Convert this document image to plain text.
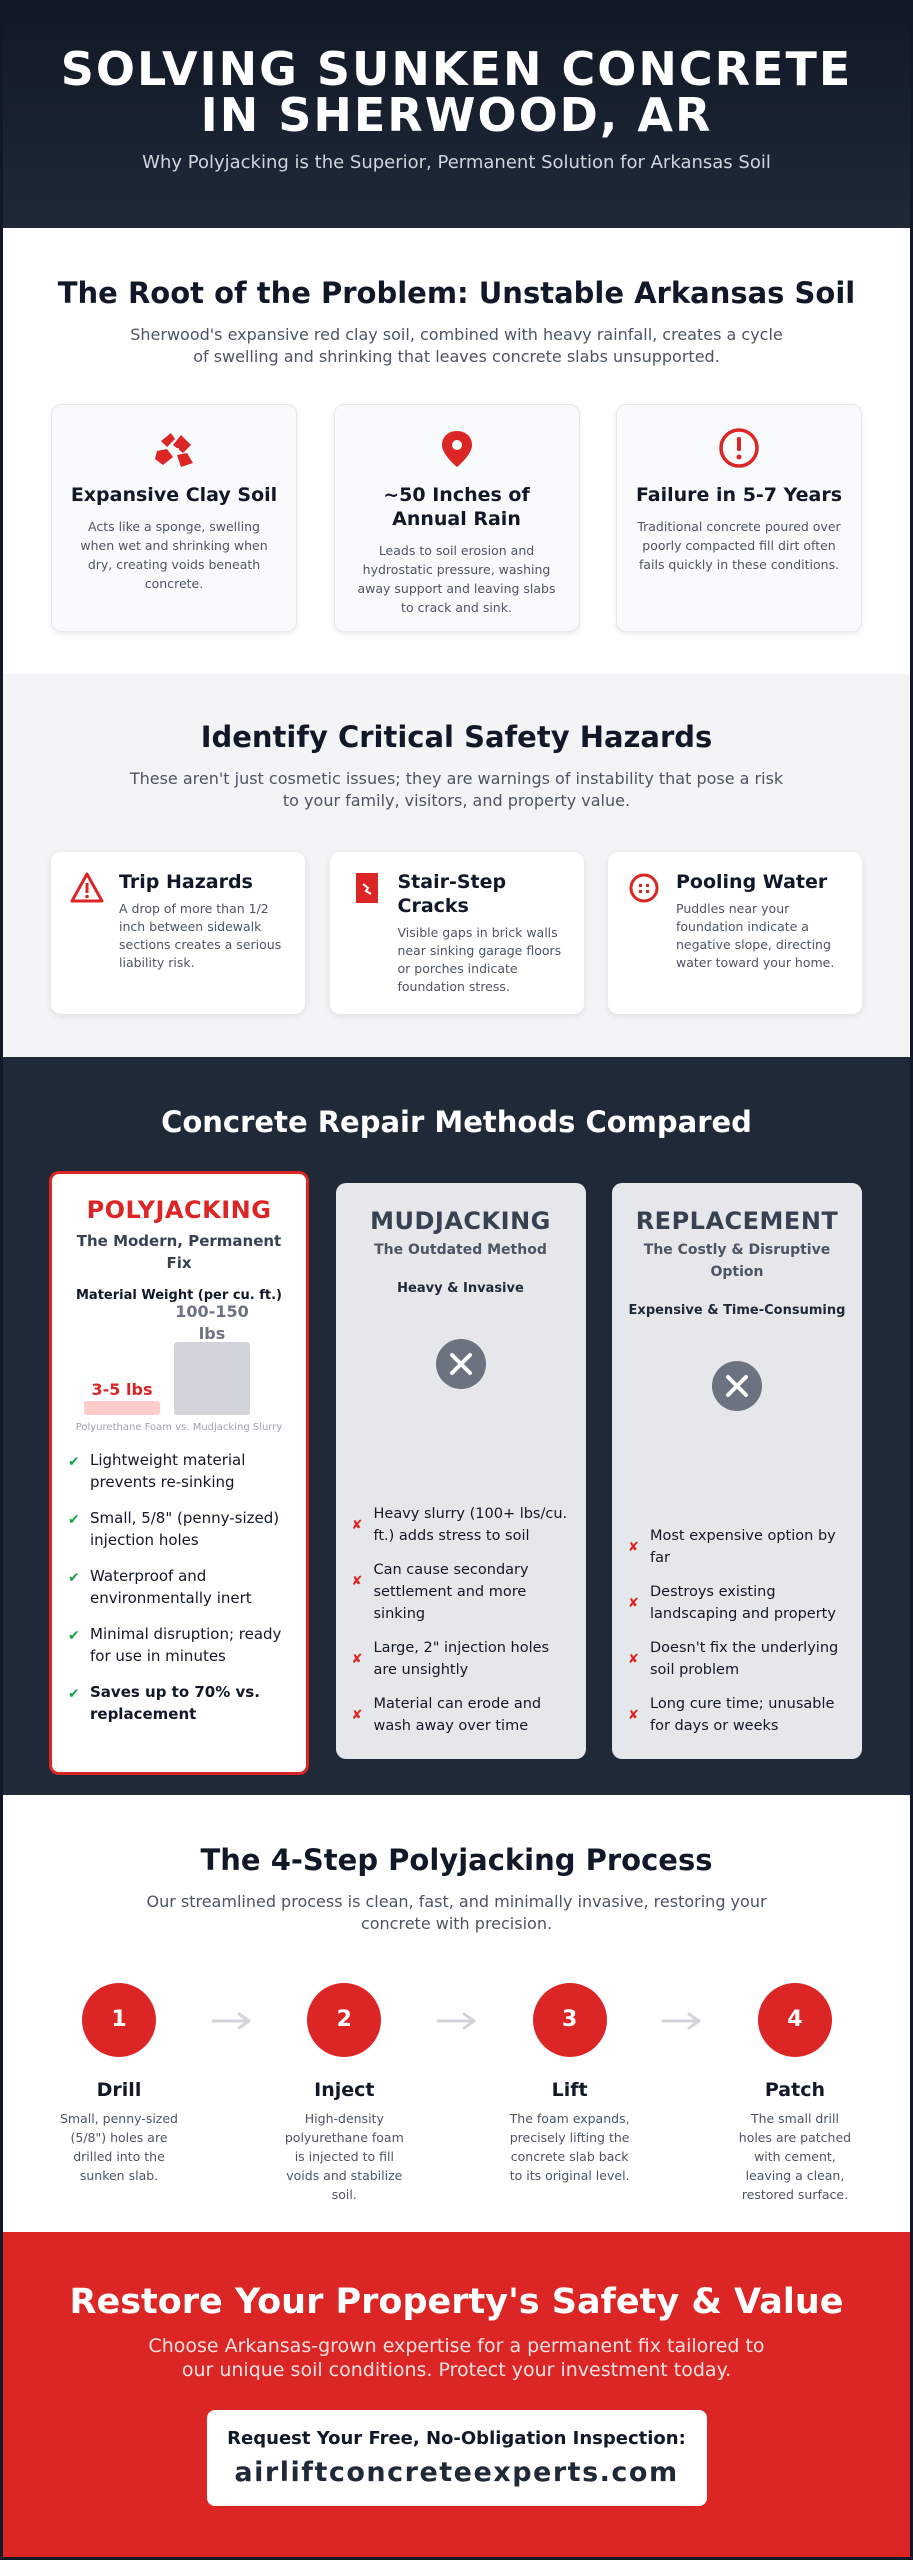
SOLVING SUNKEN CONCRETE
IN SHERWOOD, AR

Why Polyjacking is the Superior, Permanent Solution for Arkansas Soil

The Root of the Problem: Unstable Arkansas Soil

Sherwood's expansive red clay soil, combined with heavy rainfall, creates a cycle of swelling and shrinking that leaves concrete slabs unsupported.

Expansive Clay Soil

Acts like a sponge, swelling when wet and shrinking when dry, creating voids beneath concrete.

~50 Inches of Annual Rain

Leads to soil erosion and hydrostatic pressure, washing away support and leaving slabs to crack and sink.

Failure in 5-7 Years

Traditional concrete poured over poorly compacted fill dirt often fails quickly in these conditions.

Identify Critical Safety Hazards

These aren't just cosmetic issues; they are warnings of instability that pose a risk to your family, visitors, and property value.

Trip Hazards

A drop of more than 1/2 inch between sidewalk sections creates a serious liability risk.

Stair-Step Cracks

Visible gaps in brick walls near sinking garage floors or porches indicate foundation stress.

Pooling Water

Puddles near your foundation indicate a negative slope, directing water toward your home.

Concrete Repair Methods Compared
POLYJACKING

The Modern, Permanent Fix

Material Weight (per cu. ft.)

Polyurethane Foam vs. Mudjacking Slurry
3-5 lbs
100-150 lbs
✔ Lightweight material prevents re-sinking
✔ Small, 5/8" (penny-sized) injection holes
✔ Waterproof and environmentally inert
✔ Minimal disruption; ready for use in minutes
✔ Saves up to 70% vs. replacement
MUDJACKING

The Outdated Method

Heavy & Invasive

✘
Heavy slurry (100+ lbs/cu. ft.) adds stress to soil
✘
Can cause secondary settlement and more sinking
✘
Large, 2" injection holes are unsightly
✘
Material can erode and wash away over time
REPLACEMENT

The Costly & Disruptive Option

Expensive & Time-Consuming

✘
Most expensive option by far
✘
Destroys existing landscaping and property
✘
Doesn't fix the underlying soil problem
✘
Long cure time; unusable for days or weeks
The 4-Step Polyjacking Process

Our streamlined process is clean, fast, and minimally invasive, restoring your concrete with precision.

1
Drill

Small, penny-sized (5/8") holes are drilled into the sunken slab.

2
Inject

High-density polyurethane foam is injected to fill voids and stabilize soil.

3
Lift

The foam expands, precisely lifting the concrete slab back to its original level.

4
Patch

The small drill holes are patched with cement, leaving a clean, restored surface.

Restore Your Property's Safety & Value

Choose Arkansas-grown expertise for a permanent fix tailored to our unique soil conditions. Protect your investment today.

Request Your Free, No-Obligation Inspection:

airliftconcreteexperts.com
